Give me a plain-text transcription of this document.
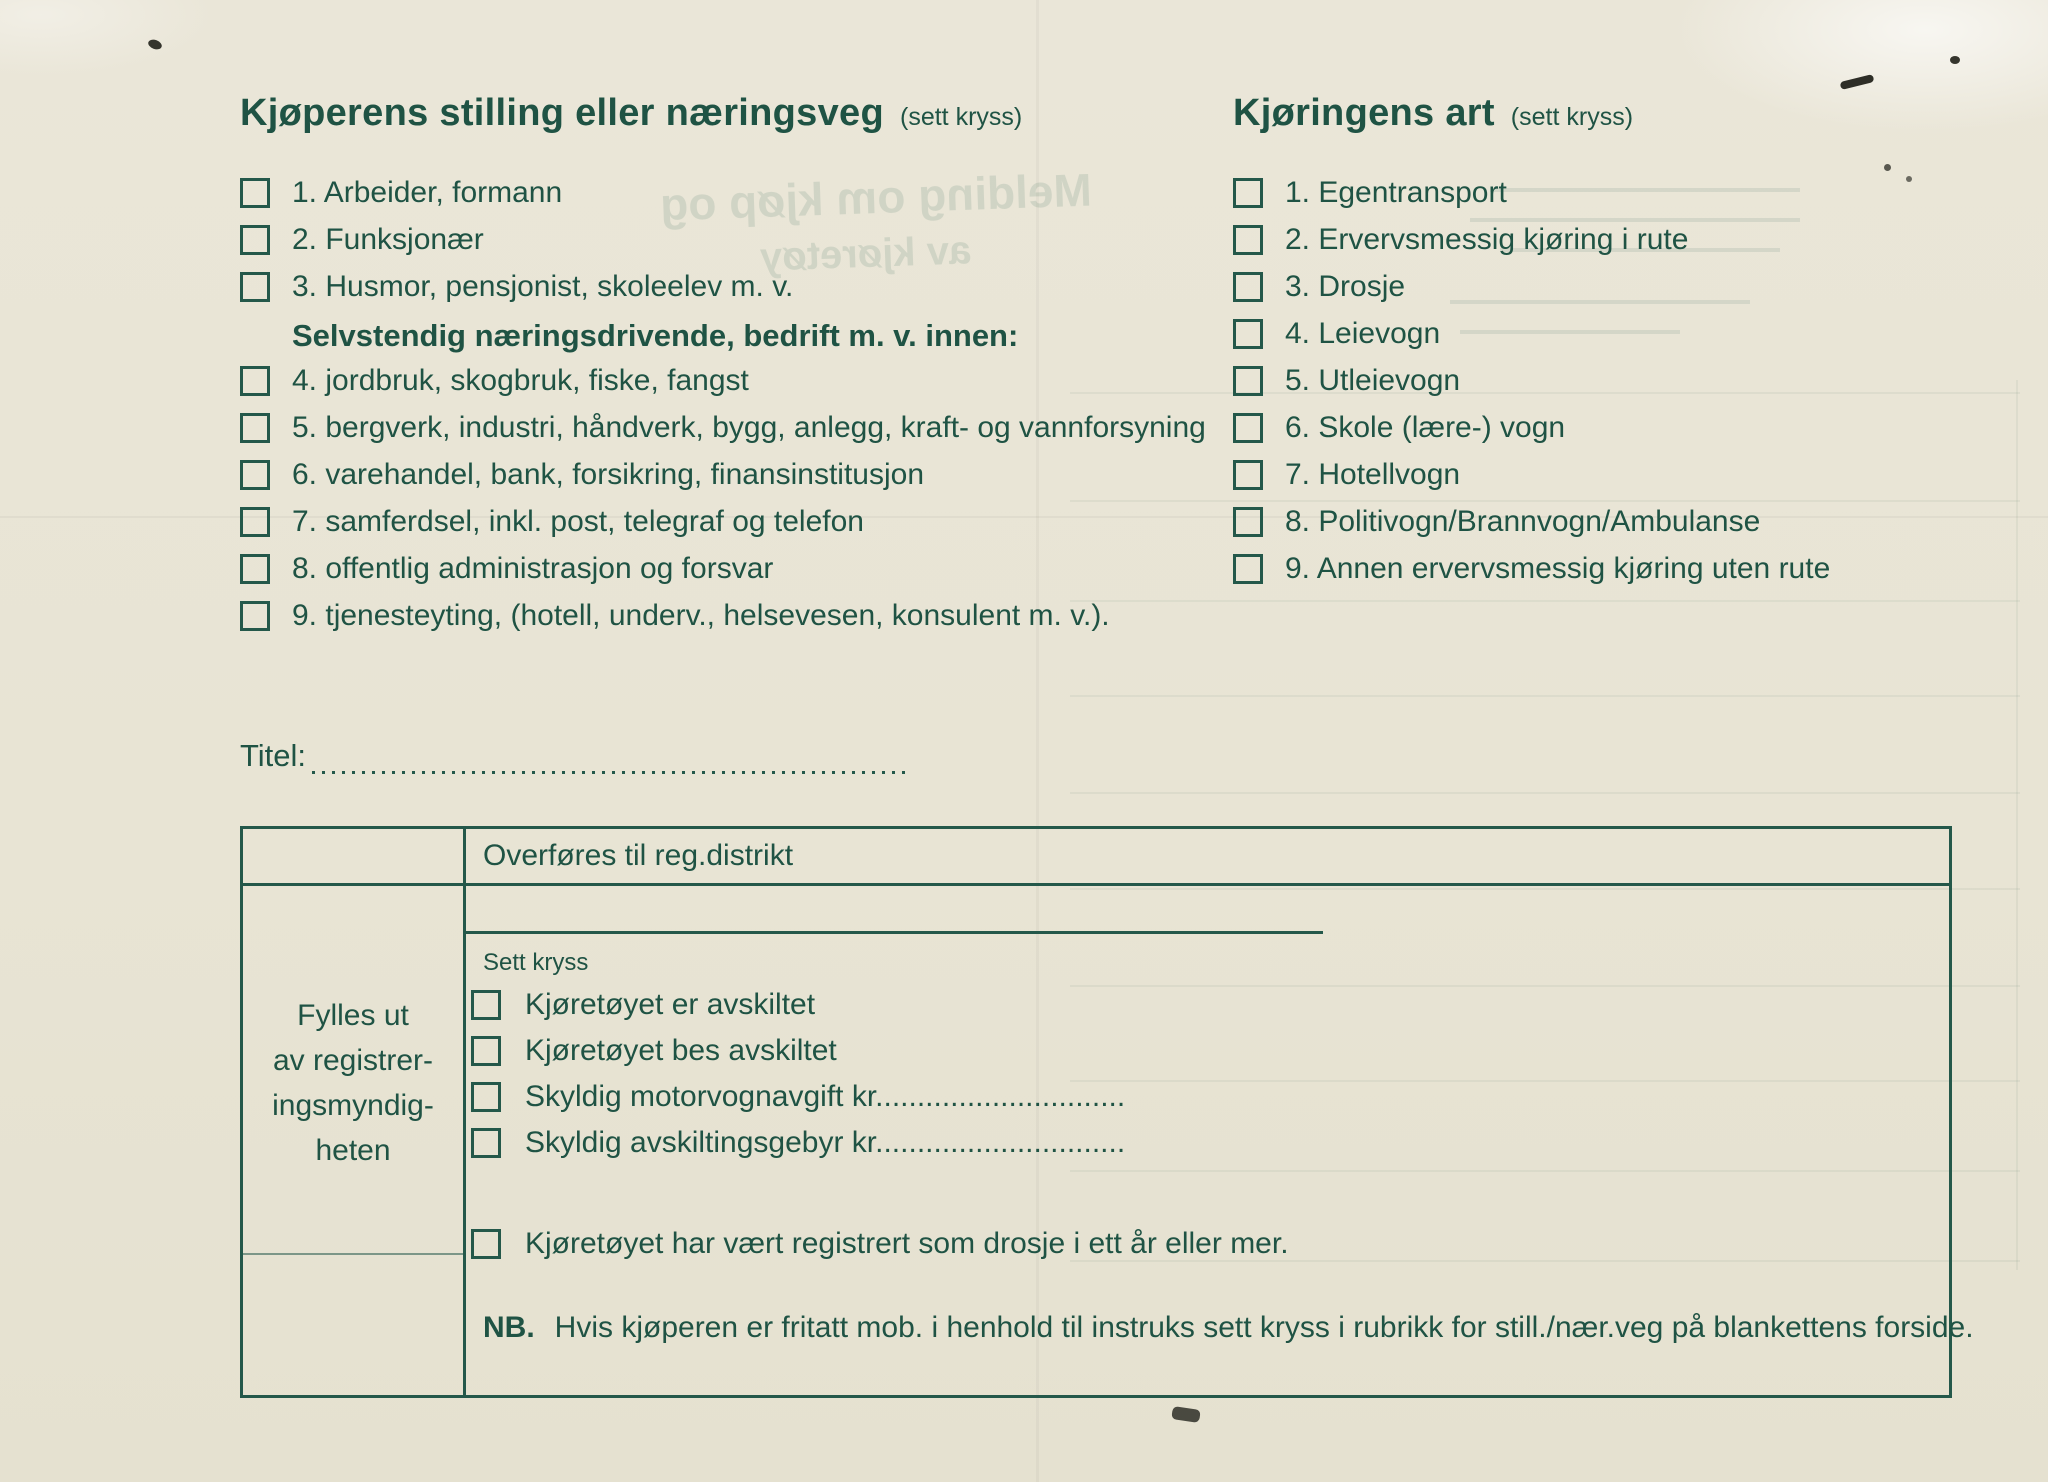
Melding om kjøp og
av kjøretøy
Kjøperens stilling eller næringsveg (sett kryss)
1. Arbeider, formann
2. Funksjonær
3. Husmor, pensjonist, skoleelev m. v.
Selvstendig næringsdrivende, bedrift m. v. innen:
4. jordbruk, skogbruk, fiske, fangst
5. bergverk, industri, håndverk, bygg, anlegg, kraft- og vannforsyning
6. varehandel, bank, forsikring, finansinstitusjon
7. samferdsel, inkl. post, telegraf og telefon
8. offentlig administrasjon og forsvar
9. tjenesteyting, (hotell, underv., helsevesen, konsulent m. v.).
Kjøringens art (sett kryss)
1. Egentransport
2. Ervervsmessig kjøring i rute
3. Drosje
4. Leievogn
5. Utleievogn
6. Skole (lære-) vogn
7. Hotellvogn
8. Politivogn/Brannvogn/Ambulanse
9. Annen ervervsmessig kjøring uten rute
Titel:
Overføres til reg.distrikt
Fylles ut
av registrer-
ingsmyndig-
heten
Sett kryss
Kjøretøyet er avskiltet
Kjøretøyet bes avskiltet
Skyldig motorvognavgift kr..............................
Skyldig avskiltingsgebyr kr..............................
Kjøretøyet har vært registrert som drosje i ett år eller mer.
NB. Hvis kjøperen er fritatt mob. i henhold til instruks sett kryss i rubrikk for still./nær.veg på blankettens forside.
